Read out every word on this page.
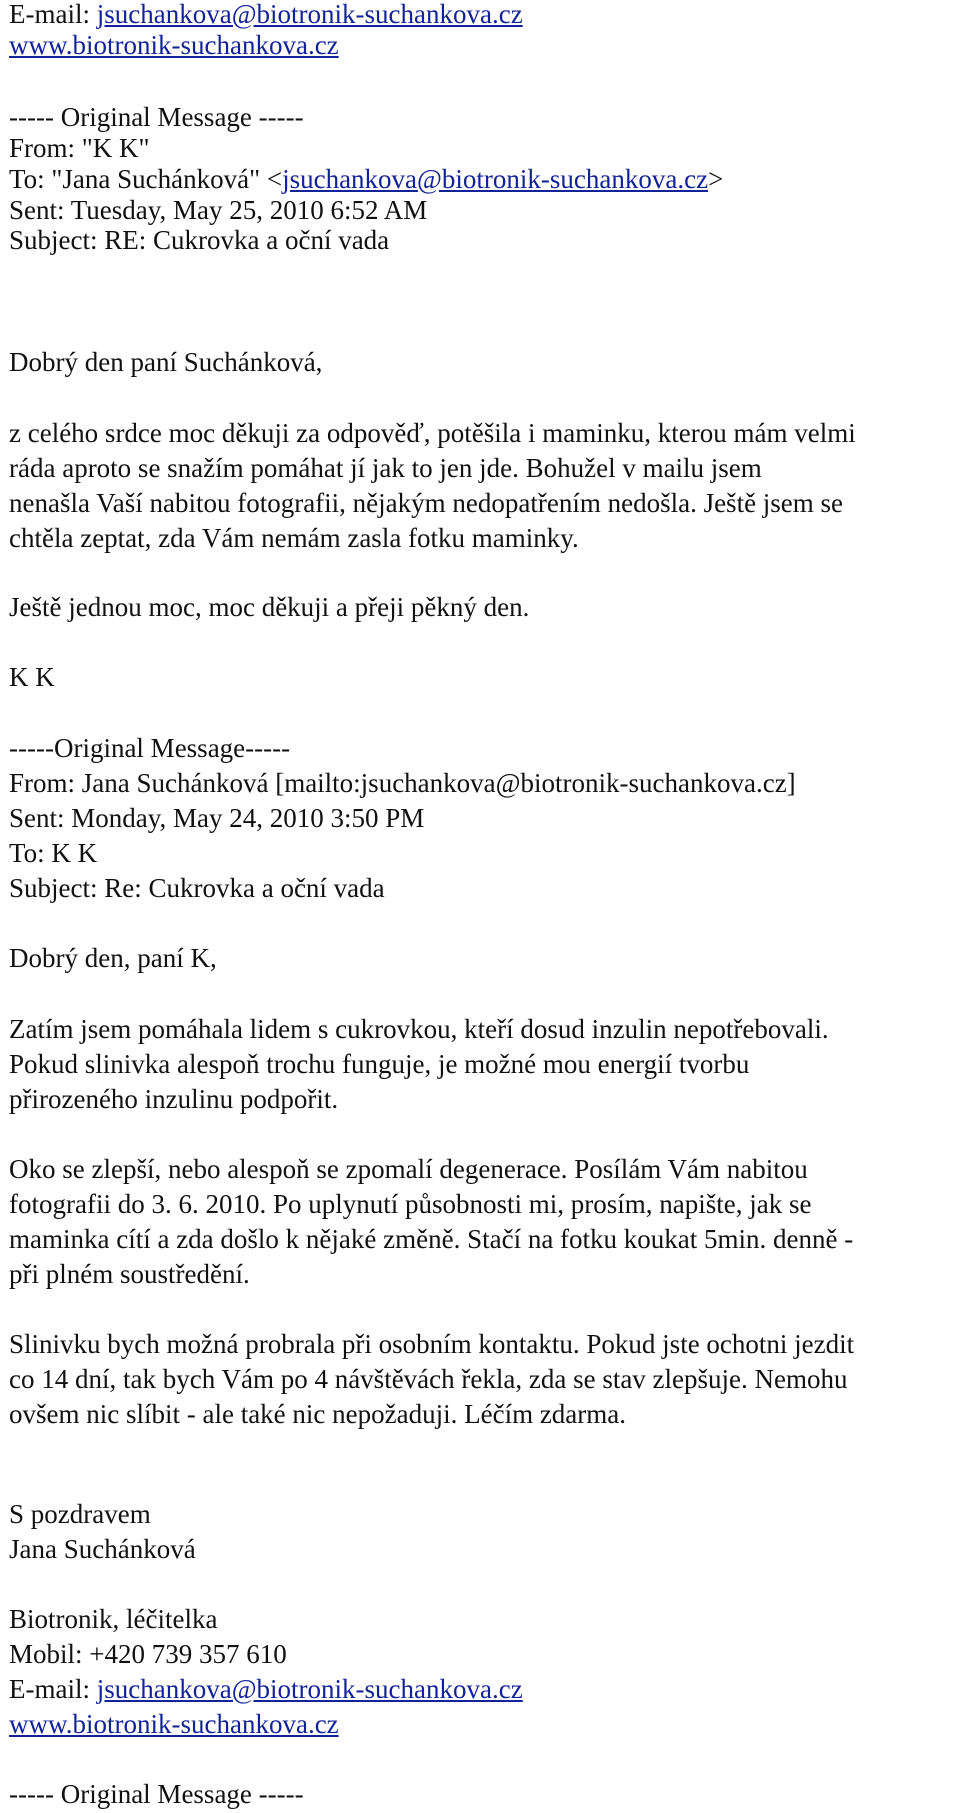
E-mail: jsuchankova@biotronik-suchankova.cz
www.biotronik-suchankova.cz
----- Original Message -----
From: "K K"
To: "Jana Suchánková" <jsuchankova@biotronik-suchankova.cz>
Sent: Tuesday, May 25, 2010 6:52 AM
Subject: RE: Cukrovka a oční vada
Dobrý den paní Suchánková,
z celého srdce moc děkuji za odpověď, potěšila i maminku, kterou mám velmi
ráda aproto se snažím pomáhat jí jak to jen jde. Bohužel v mailu jsem
nenašla Vaší nabitou fotografii, nějakým nedopatřením nedošla. Ještě jsem se
chtěla zeptat, zda Vám nemám zasla fotku maminky.
Ještě jednou moc, moc děkuji a přeji pěkný den.
K K
-----Original Message-----
From: Jana Suchánková [mailto:jsuchankova@biotronik-suchankova.cz]
Sent: Monday, May 24, 2010 3:50 PM
To: K K
Subject: Re: Cukrovka a oční vada
Dobrý den, paní K,
Zatím jsem pomáhala lidem s cukrovkou, kteří dosud inzulin nepotřebovali.
Pokud slinivka alespoň trochu funguje, je možné mou energií tvorbu
přirozeného inzulinu podpořit.
Oko se zlepší, nebo alespoň se zpomalí degenerace. Posílám Vám nabitou
fotografii do 3. 6. 2010. Po uplynutí působnosti mi, prosím, napište, jak se
maminka cítí a zda došlo k nějaké změně. Stačí na fotku koukat 5min. denně -
při plném soustředění.
Slinivku bych možná probrala při osobním kontaktu. Pokud jste ochotni jezdit
co 14 dní, tak bych Vám po 4 návštěvách řekla, zda se stav zlepšuje. Nemohu
ovšem nic slíbit - ale také nic nepožaduji. Léčím zdarma.
S pozdravem
Jana Suchánková
Biotronik, léčitelka
Mobil: +420 739 357 610
E-mail: jsuchankova@biotronik-suchankova.cz
www.biotronik-suchankova.cz
----- Original Message -----
